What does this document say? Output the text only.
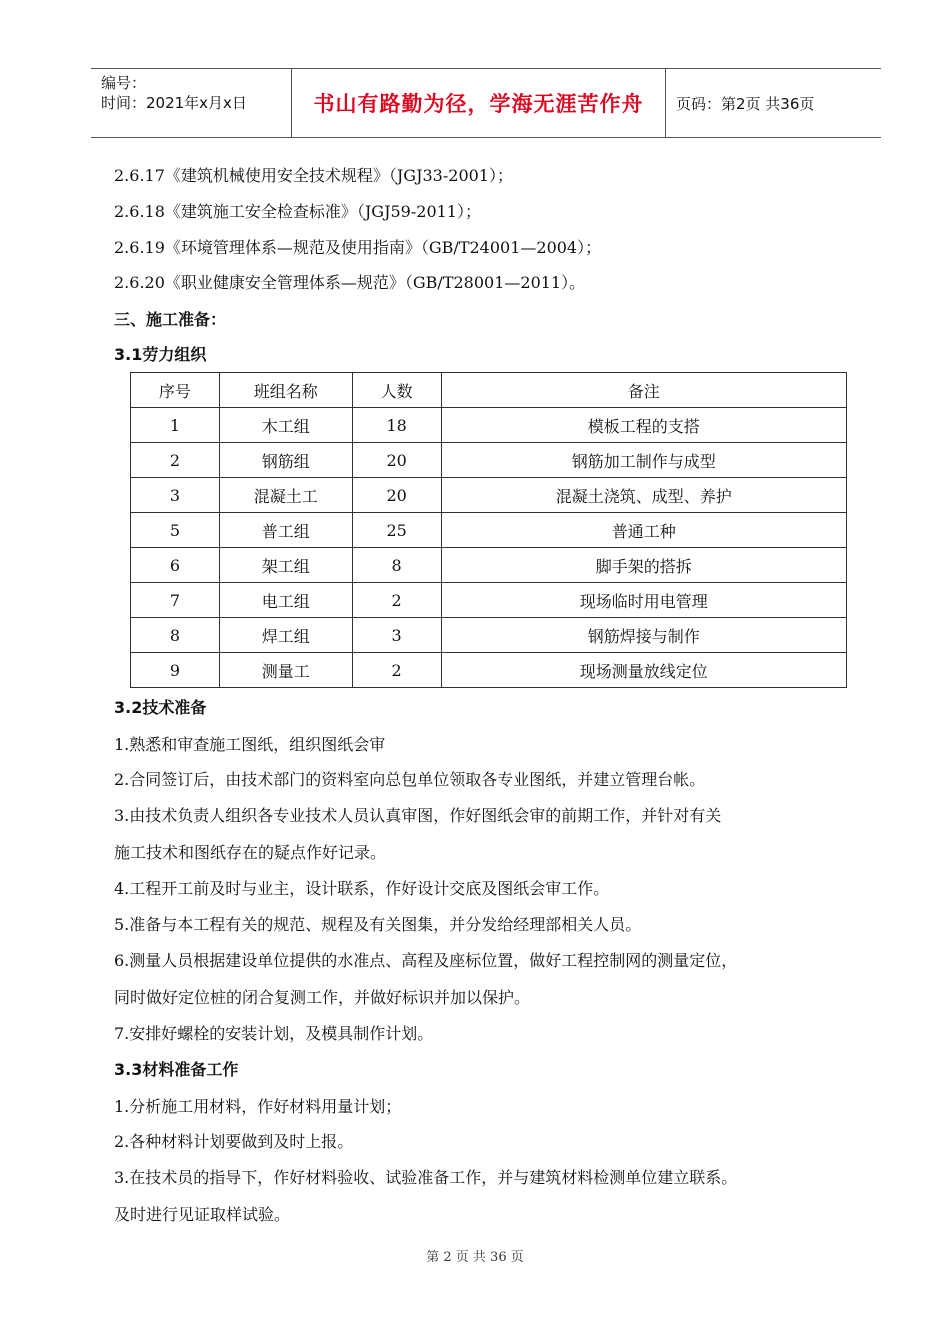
编号：
时间：2021年x月x日	书山有路勤为径，学海无涯苦作舟	页码：第2页 共36页
2.6.17《建筑机械使用安全技术规程》（JGJ33-2001）；
2.6.18《建筑施工安全检查标准》（JGJ59-2011）；
2.6.19《环境管理体系—规范及使用指南》（GB/T24001—2004）；
2.6.20《职业健康安全管理体系—规范》（GB/T28001—2011）。
三、施工准备：
3.1劳力组织
序号	班组名称	人数	备注
1	木工组	18	模板工程的支搭
2	钢筋组	20	钢筋加工制作与成型
3	混凝土工	20	混凝土浇筑、成型、养护
5	普工组	25	普通工种
6	架工组	8	脚手架的搭拆
7	电工组	2	现场临时用电管理
8	焊工组	3	钢筋焊接与制作
9	测量工	2	现场测量放线定位
3.2技术准备
1.熟悉和审查施工图纸，组织图纸会审
2.合同签订后，由技术部门的资料室向总包单位领取各专业图纸，并建立管理台帐。
3.由技术负责人组织各专业技术人员认真审图，作好图纸会审的前期工作，并针对有关
施工技术和图纸存在的疑点作好记录。
4.工程开工前及时与业主，设计联系，作好设计交底及图纸会审工作。
5.准备与本工程有关的规范、规程及有关图集，并分发给经理部相关人员。
6.测量人员根据建设单位提供的水准点、高程及座标位置，做好工程控制网的测量定位，
同时做好定位桩的闭合复测工作，并做好标识并加以保护。
7.安排好螺栓的安装计划，及模具制作计划。
3.3材料准备工作
1.分析施工用材料，作好材料用量计划；
2.各种材料计划要做到及时上报。
3.在技术员的指导下，作好材料验收、试验准备工作，并与建筑材料检测单位建立联系。
及时进行见证取样试验。
第 2 页 共 36 页
